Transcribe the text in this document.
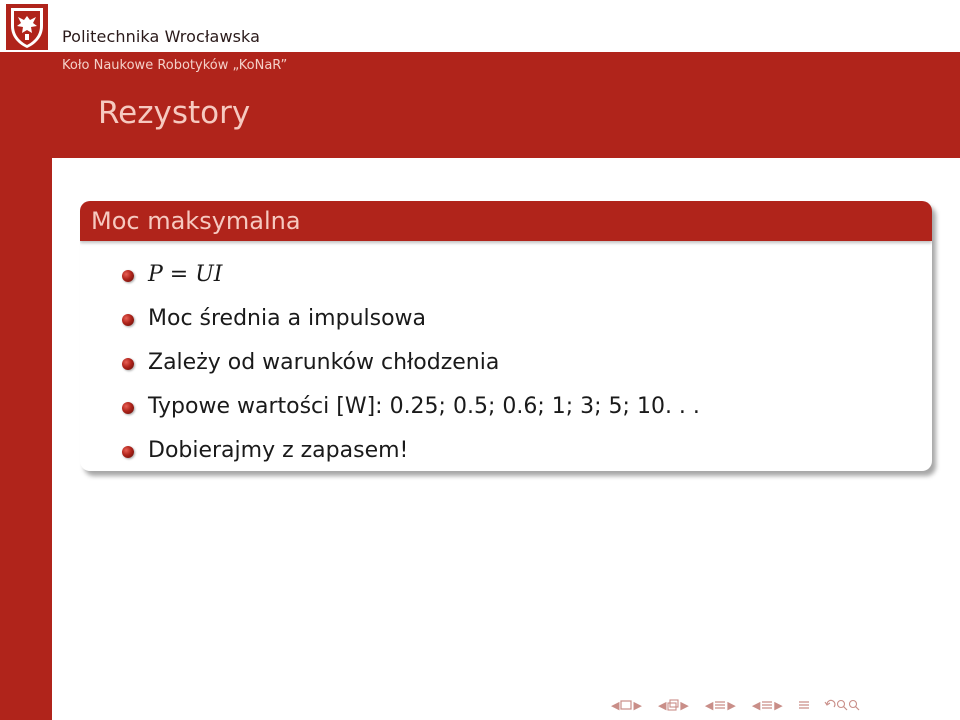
Politechnika Wrocławska
Koło Naukowe Robotyków „KoNaR”
Rezystory
Moc maksymalna
P = UI
Moc średnia a impulsowa
Zależy od warunków chłodzenia
Typowe wartości [W]: 0.25; 0.5; 0.6; 1; 3; 5; 10. . .
Dobierajmy z zapasem!
◀ ▶ ◀ ▶ ◀ ▶ ◀ ▶
